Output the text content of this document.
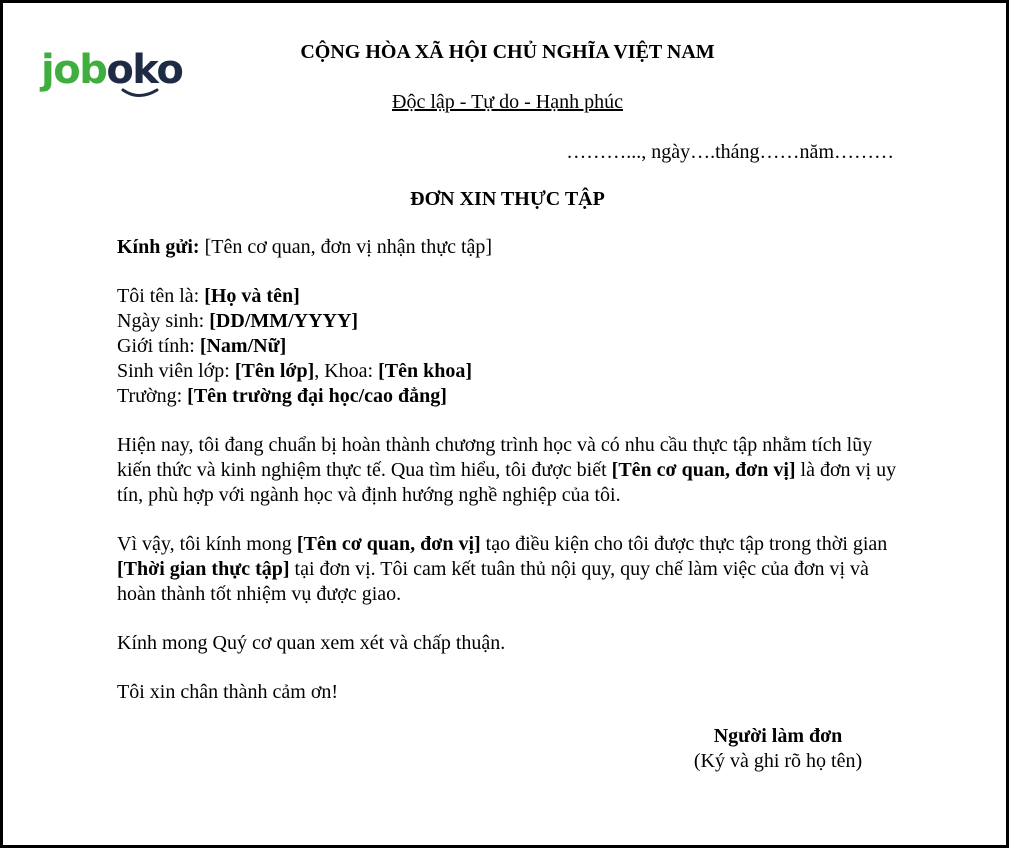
joboko	CỘNG HÒA XÃ HỘI CHỦ NGHĨA VIỆT NAM
Độc lập - Tự do - Hạnh phúc
………..., ngày….tháng……năm………
ĐƠN XIN THỰC TẬP

Kính gửi: [Tên cơ quan, đơn vị nhận thực tập]

Tôi tên là: [Họ và tên]

Ngày sinh: [DD/MM/YYYY]

Giới tính: [Nam/Nữ]

Sinh viên lớp: [Tên lớp], Khoa: [Tên khoa]

Trường: [Tên trường đại học/cao đẳng]

Hiện nay, tôi đang chuẩn bị hoàn thành chương trình học và có nhu cầu thực tập nhằm tích lũy kiến thức và kinh nghiệm thực tế. Qua tìm hiểu, tôi được biết [Tên cơ quan, đơn vị] là đơn vị uy tín, phù hợp với ngành học và định hướng nghề nghiệp của tôi.

Vì vậy, tôi kính mong [Tên cơ quan, đơn vị] tạo điều kiện cho tôi được thực tập trong thời gian [Thời gian thực tập] tại đơn vị. Tôi cam kết tuân thủ nội quy, quy chế làm việc của đơn vị và hoàn thành tốt nhiệm vụ được giao.

Kính mong Quý cơ quan xem xét và chấp thuận.

Tôi xin chân thành cảm ơn!

Người làm đơn
(Ký và ghi rõ họ tên)
